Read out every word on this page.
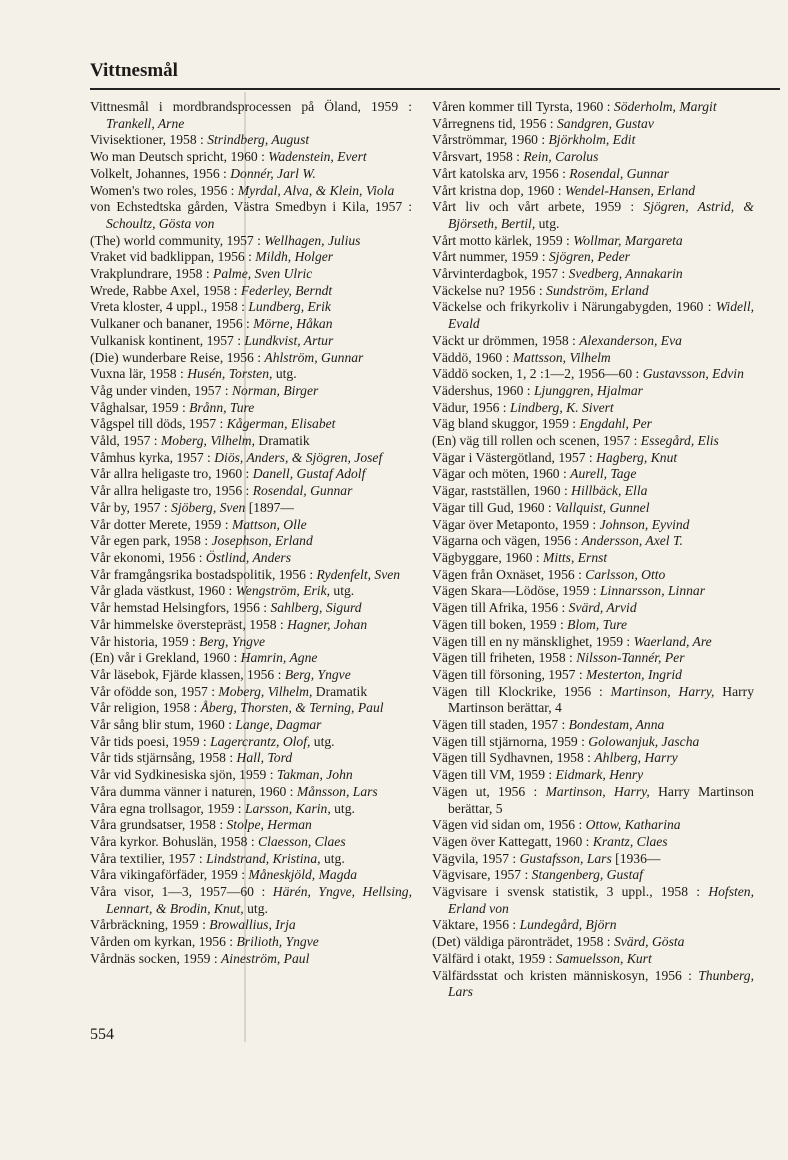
Vittnesmål
Vittnesmål i mordbrandsprocessen på Öland, 1959 : Trankell, Arne
Vivisektioner, 1958 : Strindberg, August
Wo man Deutsch spricht, 1960 : Wadenstein, Evert
Volkelt, Johannes, 1956 : Donnér, Jarl W.
Women's two roles, 1956 : Myrdal, Alva, & Klein, Viola
von Echstedtska gården, Västra Smedbyn i Kila, 1957 : Schoultz, Gösta von
(The) world community, 1957 : Wellhagen, Julius
Vraket vid badklippan, 1956 : Mildh, Holger
Vrakplundrare, 1958 : Palme, Sven Ulric
Wrede, Rabbe Axel, 1958 : Federley, Berndt
Vreta kloster, 4 uppl., 1958 : Lundberg, Erik
Vulkaner och bananer, 1956 : Mörne, Håkan
Vulkanisk kontinent, 1957 : Lundkvist, Artur
(Die) wunderbare Reise, 1956 : Ahlström, Gunnar
Vuxna lär, 1958 : Husén, Torsten, utg.
Våg under vinden, 1957 : Norman, Birger
Våghalsar, 1959 : Brånn, Ture
Vågspel till döds, 1957 : Kågerman, Elisabet
Våld, 1957 : Moberg, Vilhelm, Dramatik
Våmhus kyrka, 1957 : Diös, Anders, & Sjögren, Josef
Vår allra heligaste tro, 1960 : Danell, Gustaf Adolf
Vår allra heligaste tro, 1956 : Rosendal, Gunnar
Vår by, 1957 : Sjöberg, Sven [1897—
Vår dotter Merete, 1959 : Mattson, Olle
Vår egen park, 1958 : Josephson, Erland
Vår ekonomi, 1956 : Östlind, Anders
Vår framgångsrika bostadspolitik, 1956 : Rydenfelt, Sven
Vår glada västkust, 1960 : Wengström, Erik, utg.
Vår hemstad Helsingfors, 1956 : Sahlberg, Sigurd
Vår himmelske överstepräst, 1958 : Hagner, Johan
Vår historia, 1959 : Berg, Yngve
(En) vår i Grekland, 1960 : Hamrin, Agne
Vår läsebok, Fjärde klassen, 1956 : Berg, Yngve
Vår ofödde son, 1957 : Moberg, Vilhelm, Dramatik
Vår religion, 1958 : Åberg, Thorsten, & Terning, Paul
Vår sång blir stum, 1960 : Lange, Dagmar
Vår tids poesi, 1959 : Lagercrantz, Olof, utg.
Vår tids stjärnsång, 1958 : Hall, Tord
Vår vid Sydkinesiska sjön, 1959 : Takman, John
Våra dumma vänner i naturen, 1960 : Månsson, Lars
Våra egna trollsagor, 1959 : Larsson, Karin, utg.
Våra grundsatser, 1958 : Stolpe, Herman
Våra kyrkor. Bohuslän, 1958 : Claesson, Claes
Våra textilier, 1957 : Lindstrand, Kristina, utg.
Våra vikingaförfäder, 1959 : Måneskjöld, Magda
Våra visor, 1—3, 1957—60 : Härén, Yngve, Hellsing, Lennart, & Brodin, Knut, utg.
Vårbräckning, 1959 : Browallius, Irja
Vården om kyrkan, 1956 : Brilioth, Yngve
Vårdnäs socken, 1959 : Aineström, Paul
Våren kommer till Tyrsta, 1960 : Söderholm, Margit
Vårregnens tid, 1956 : Sandgren, Gustav
Vårströmmar, 1960 : Björkholm, Edit
Vårsvart, 1958 : Rein, Carolus
Vårt katolska arv, 1956 : Rosendal, Gunnar
Vårt kristna dop, 1960 : Wendel-Hansen, Erland
Vårt liv och vårt arbete, 1959 : Sjögren, Astrid, & Björseth, Bertil, utg.
Vårt motto kärlek, 1959 : Wollmar, Margareta
Vårt nummer, 1959 : Sjögren, Peder
Vårvinterdagbok, 1957 : Svedberg, Annakarin
Väckelse nu? 1956 : Sundström, Erland
Väckelse och frikyrkoliv i Närungabygden, 1960 : Widell, Evald
Väckt ur drömmen, 1958 : Alexanderson, Eva
Väddö, 1960 : Mattsson, Vilhelm
Väddö socken, 1, 2 :1—2, 1956—60 : Gustavsson, Edvin
Vädershus, 1960 : Ljunggren, Hjalmar
Vädur, 1956 : Lindberg, K. Sivert
Väg bland skuggor, 1959 : Engdahl, Per
(En) väg till rollen och scenen, 1957 : Essegård, Elis
Vägar i Västergötland, 1957 : Hagberg, Knut
Vägar och möten, 1960 : Aurell, Tage
Vägar, rastställen, 1960 : Hillbäck, Ella
Vägar till Gud, 1960 : Vallquist, Gunnel
Vägar över Metaponto, 1959 : Johnson, Eyvind
Vägarna och vägen, 1956 : Andersson, Axel T.
Vägbyggare, 1960 : Mitts, Ernst
Vägen från Oxnäset, 1956 : Carlsson, Otto
Vägen Skara—Lödöse, 1959 : Linnarsson, Linnar
Vägen till Afrika, 1956 : Svärd, Arvid
Vägen till boken, 1959 : Blom, Ture
Vägen till en ny mänsklighet, 1959 : Waerland, Are
Vägen till friheten, 1958 : Nilsson-Tannér, Per
Vägen till försoning, 1957 : Mesterton, Ingrid
Vägen till Klockrike, 1956 : Martinson, Harry, Harry Martinson berättar, 4
Vägen till staden, 1957 : Bondestam, Anna
Vägen till stjärnorna, 1959 : Golowanjuk, Jascha
Vägen till Sydhavnen, 1958 : Ahlberg, Harry
Vägen till VM, 1959 : Eidmark, Henry
Vägen ut, 1956 : Martinson, Harry, Harry Martinson berättar, 5
Vägen vid sidan om, 1956 : Ottow, Katharina
Vägen över Kattegatt, 1960 : Krantz, Claes
Vägvila, 1957 : Gustafsson, Lars [1936—
Vägvisare, 1957 : Stangenberg, Gustaf
Vägvisare i svensk statistik, 3 uppl., 1958 : Hofsten, Erland von
Väktare, 1956 : Lundegård, Björn
(Det) väldiga päronträdet, 1958 : Svärd, Gösta
Välfärd i otakt, 1959 : Samuelsson, Kurt
Välfärdsstat och kristen människosyn, 1956 : Thunberg, Lars
554
